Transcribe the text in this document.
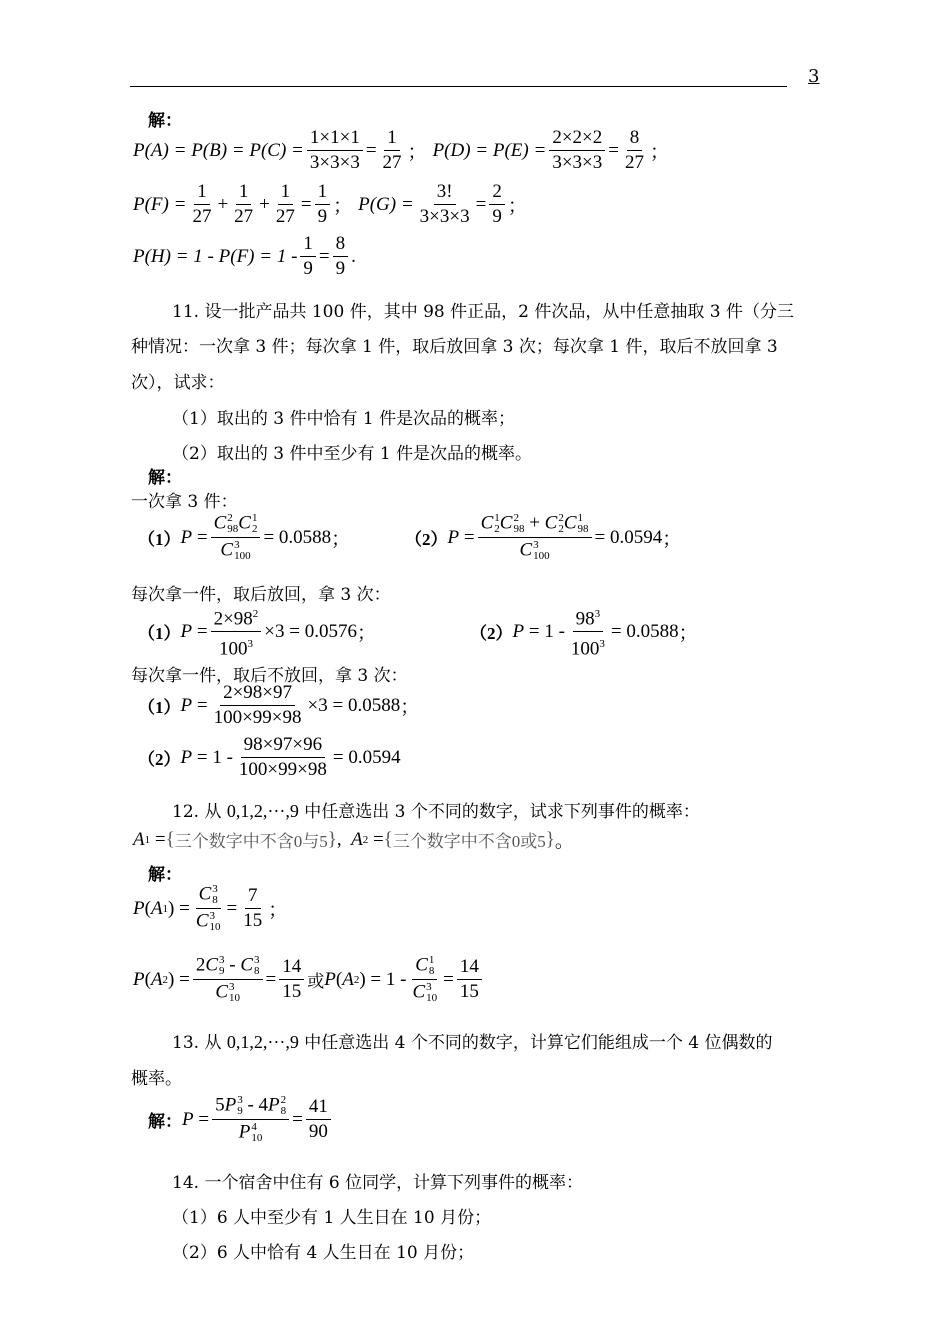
3
解：
$P(A) = P(B) = P(C) = \frac{1\times 1\times 1}{3\times 3\times 3} = \frac{1}{27}$ ； $P(D) = P(E) = \frac{2\times 2\times 2}{3\times 3\times 3} = \frac{8}{27}$ ；
$P(F) = \frac{1}{27} + \frac{1}{27} + \frac{1}{27} = \frac{1}{9}$ ； $P(G) = \frac{3!}{3\times 3\times 3} = \frac{2}{9}$ ；
$P(H) = 1 - P(F) = 1 - \frac{1}{9} = \frac{8}{9}$ .
11. 设一批产品共 100 件，其中 98 件正品，2 件次品，从中任意抽取 3 件（分三
种情况：一次拿 3 件；每次拿 1 件，取后放回拿 3 次；每次拿 1 件，取后不放回拿 3
次），试求：
（1）取出的 3 件中恰有 1 件是次品的概率；
（2）取出的 3 件中至少有 1 件是次品的概率。
解：
一次拿 3 件：
（1） P =
C 2
98 C 1
2
C 3
100
= 0.0588 ；	（2） P =
C 1
2 C 2
98 + C 2
2 C 1
98
C 3
100
= 0.0594 ；
每次拿一件，取后放回，拿 3 次：
（1） $P = \frac{2\times 98^2}{100^3} \times 3$ =
0.0576 ；	（2） P = 1 -
$98^3$
$100^3$
= 0.0588 ；
每次拿一件，取后不放回，拿 3 次：
（1） $P = \frac{2\times 98\times 97}{100\times 99\times 98} \times 3$ =
0.0588 ；
（2） P = 1 -
98×97×96
100×99×98
= 0.0594
12. 从 0,1,2,···,9 中任意选出 3 个不同的数字，试求下列事件的概率：
A 1 = { 三个数字中不含0与5 } , A 2 = { 三个数字中不含0或5 } 。
解：
P ( A 1 ) =
C 3
8
C 3
10
=
7
15 ；
P ( A 2 ) =
2C 3
9 - C 3
8
C 3
10
=
14
15 或 P ( A 2 ) = 1 -
C 1
8
C 3
10
=
14
15
13. 从 0,1,2,···,9 中任意选出 4 个不同的数字，计算它们能组成一个 4 位偶数的
概率。
解： P =
5P 3
9 - 4P 2
8
P 4
10
=
41
90
14. 一个宿舍中住有 6 位同学，计算下列事件的概率：
（1）6 人中至少有 1 人生日在 10 月份；
（2）6 人中恰有 4 人生日在 10 月份；
